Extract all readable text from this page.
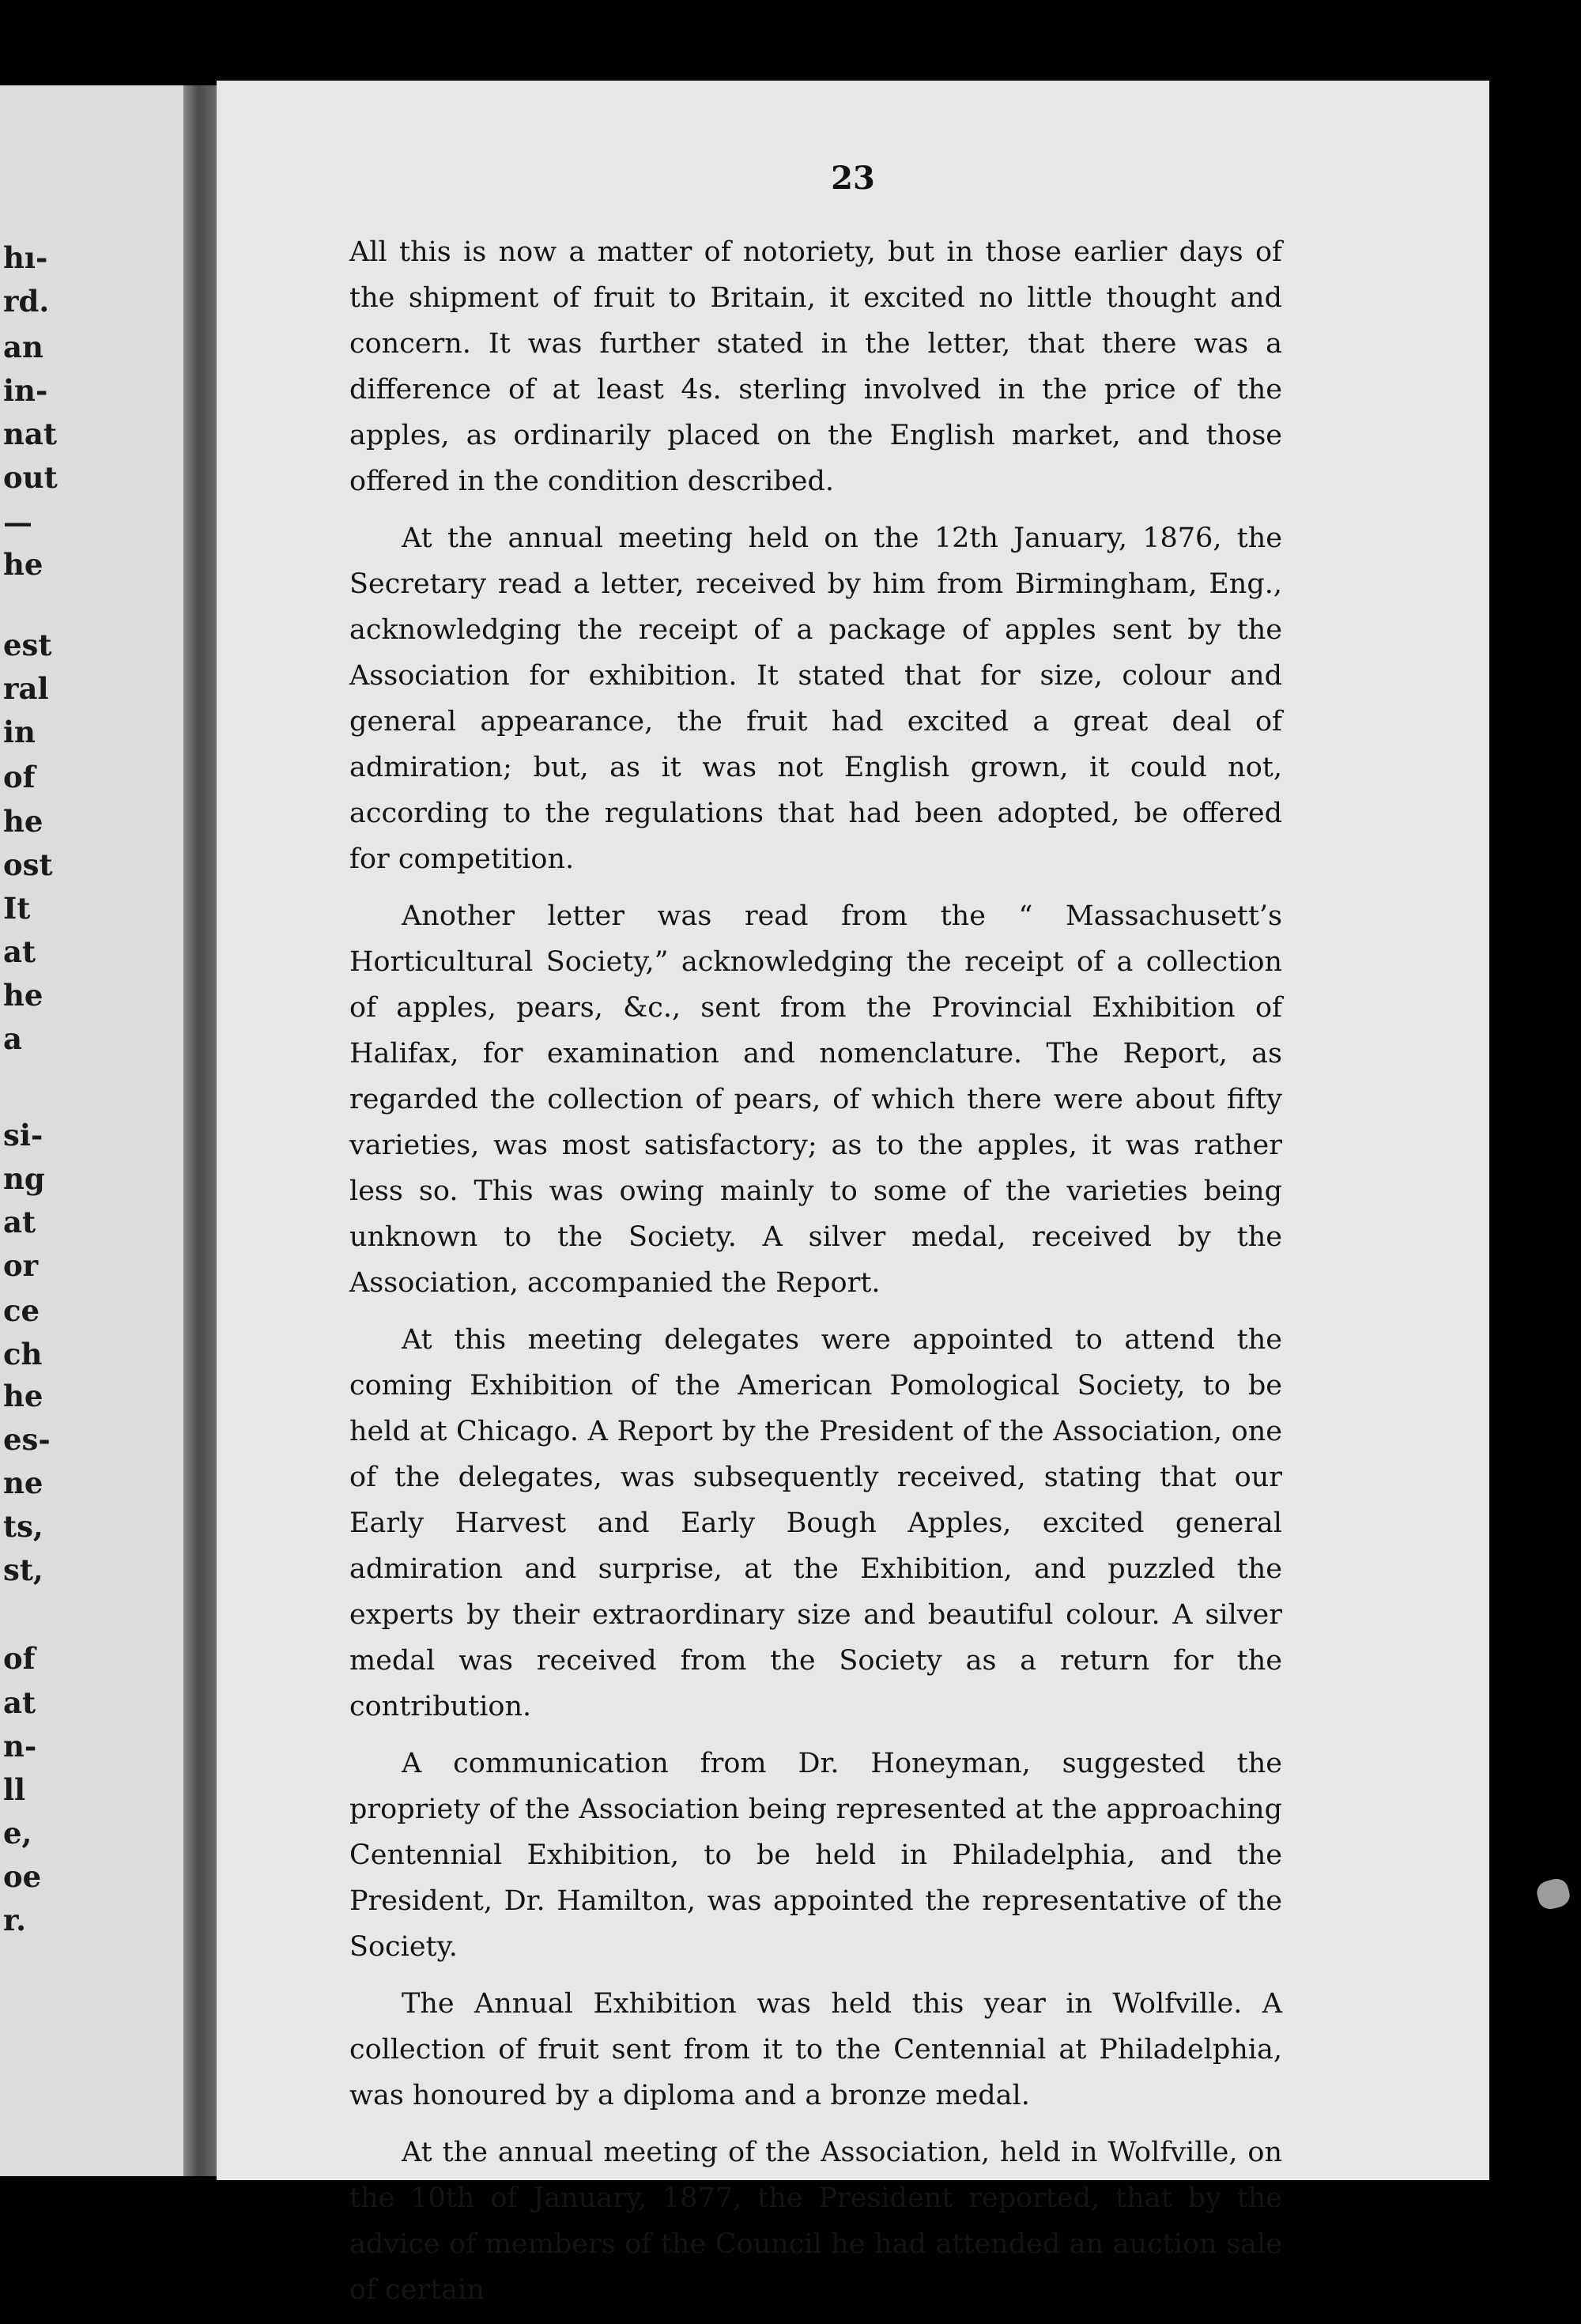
hı-
rd.
an
in-
nat
out
—
he
est
ral
in
of
he
ost
It
at
he
a
si-
ng
at
or
ce
ch
he
es-
ne
ts,
st,
of
at
n-
ll
e,
oe
r.
23

All this is now a matter of notoriety, but in those earlier days of the shipment of fruit to Britain, it excited no little thought and concern. It was further stated in the letter, that there was a difference of at least 4s. sterling involved in the price of the apples, as ordinarily placed on the English market, and those offered in the condition described.

At the annual meeting held on the 12th January, 1876, the Secretary read a letter, received by him from Birmingham, Eng., acknowledging the receipt of a package of apples sent by the Association for exhibition. It stated that for size, colour and general appearance, the fruit had excited a great deal of admiration; but, as it was not English grown, it could not, according to the regulations that had been adopted, be offered for competition.

Another letter was read from the “ Massachusett’s Horticultural Society,” acknowledging the receipt of a collection of apples, pears, &c., sent from the Provincial Exhibition of Halifax, for examination and nomenclature. The Report, as regarded the collection of pears, of which there were about fifty varieties, was most satisfactory; as to the apples, it was rather less so. This was owing mainly to some of the varieties being unknown to the Society. A silver medal, received by the Association, accompanied the Report.

At this meeting delegates were appointed to attend the coming Exhibition of the American Pomological Society, to be held at Chicago. A Report by the President of the Association, one of the delegates, was subsequently received, stating that our Early Harvest and Early Bough Apples, excited general admiration and surprise, at the Exhibition, and puzzled the experts by their extraordinary size and beautiful colour. A silver medal was received from the Society as a return for the contribution.

A communication from Dr. Honeyman, suggested the propriety of the Association being represented at the approaching Centennial Exhibition, to be held in Philadelphia, and the President, Dr. Hamilton, was appointed the representative of the Society.

The Annual Exhibition was held this year in Wolfville. A collection of fruit sent from it to the Centennial at Philadelphia, was honoured by a diploma and a bronze medal.

At the annual meeting of the Association, held in Wolfville, on the 10th of January, 1877, the President reported, that by the advice of members of the Council he had attended an auction sale of certain
